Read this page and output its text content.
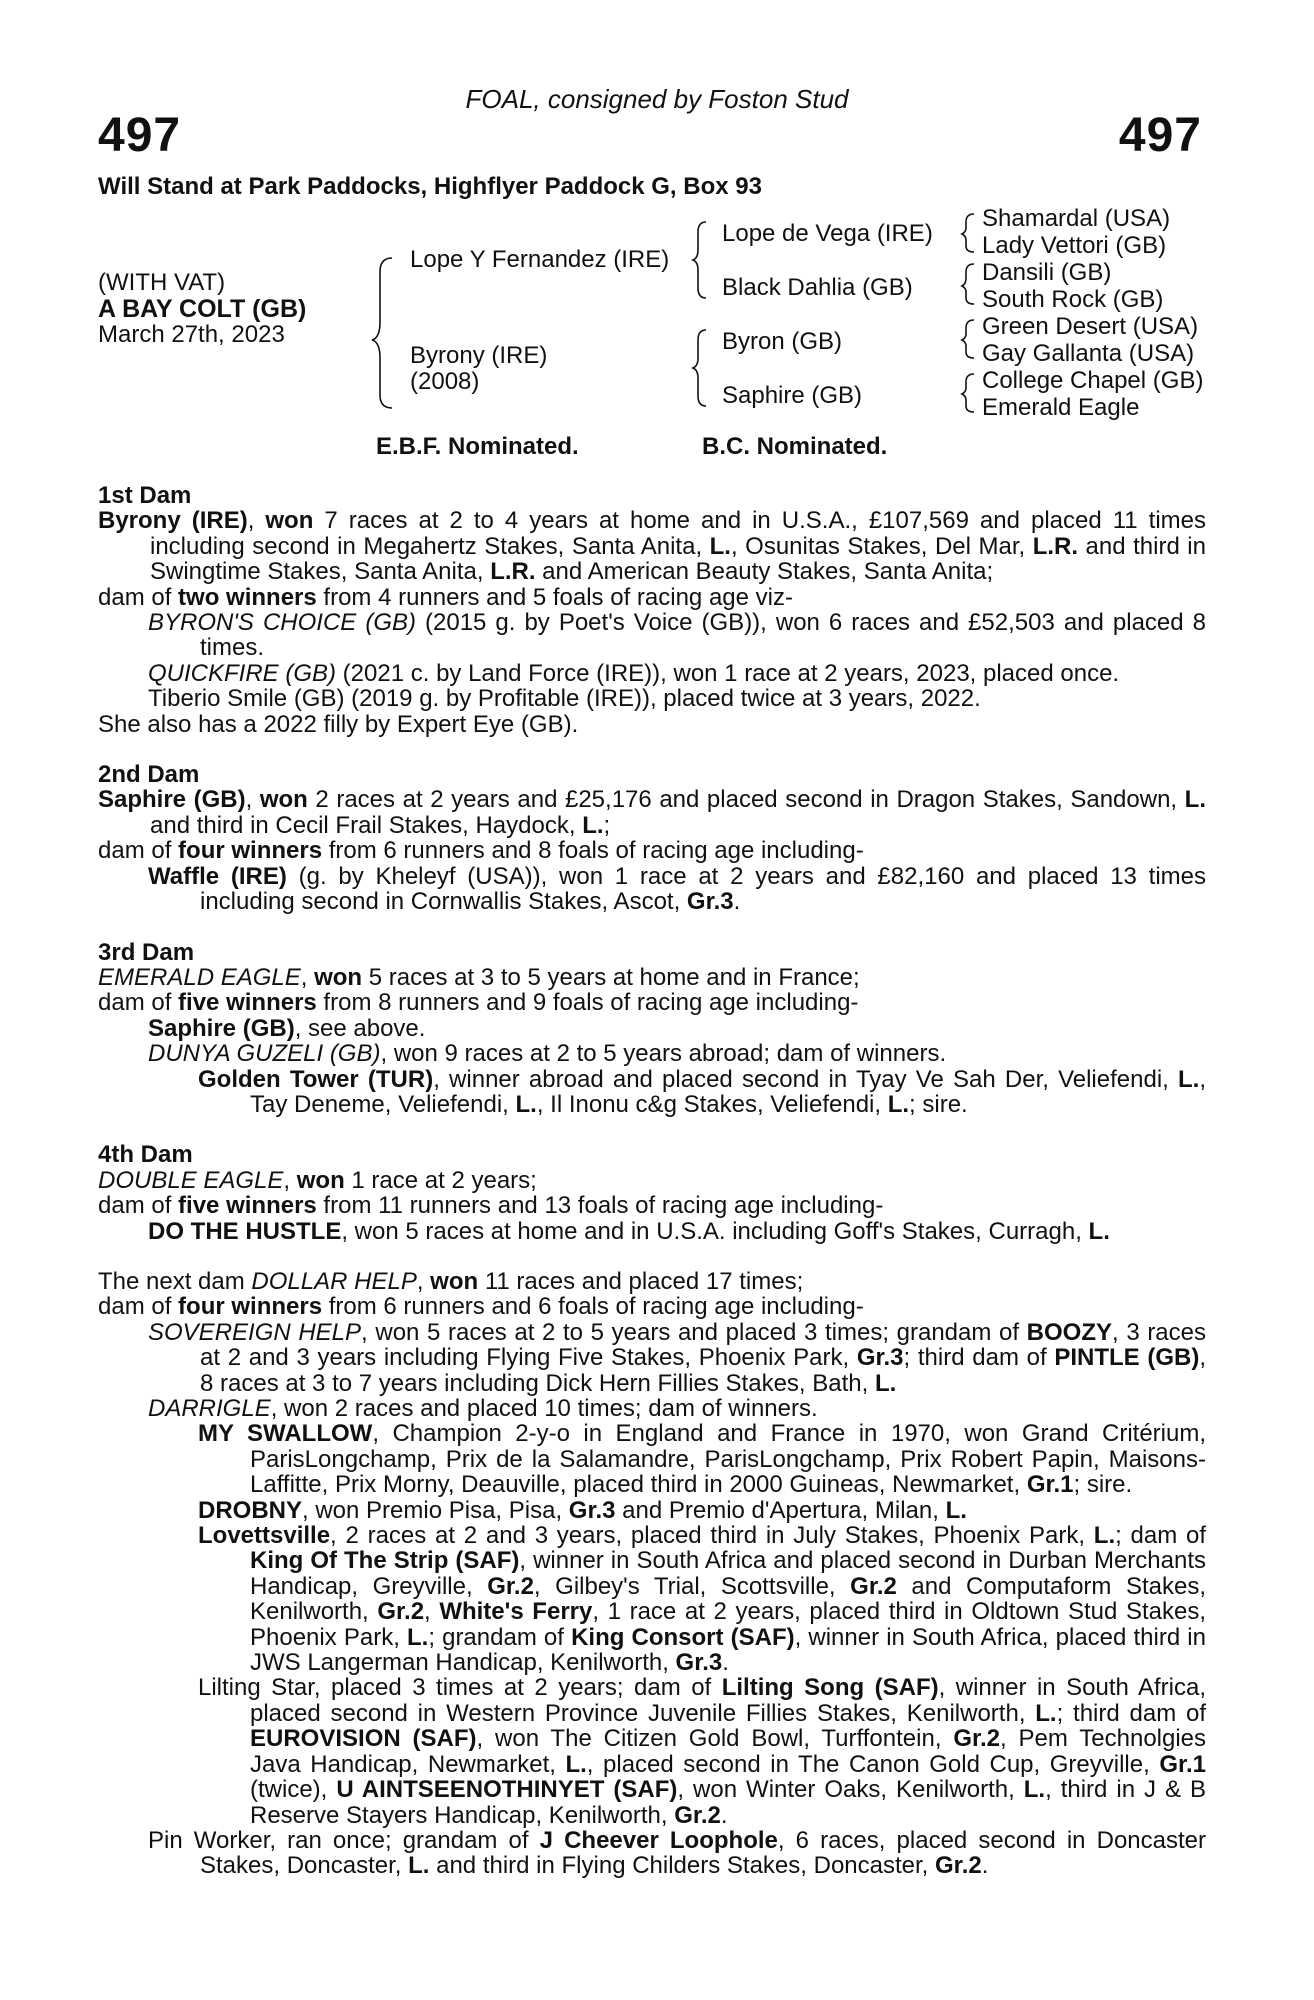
FOAL, consigned by Foston Stud
497	497
Will Stand at Park Paddocks, Highflyer Paddock G, Box 93
(WITH VAT)
A BAY COLT (GB)
March 27th, 2023
Lope Y Fernandez (IRE)
Byrony (IRE)
(2008)
Lope de Vega (IRE)
Black Dahlia (GB)
Byron (GB)
Saphire (GB)
Shamardal (USA)
Lady Vettori (GB)
Dansili (GB)
South Rock (GB)
Green Desert (USA)
Gay Gallanta (USA)
College Chapel (GB)
Emerald Eagle
E.B.F. Nominated.	B.C. Nominated.

1st Dam

Byrony (IRE), won 7 races at 2 to 4 years at home and in U.S.A., £107,569 and placed 11 times including second in Megahertz Stakes, Santa Anita, L., Osunitas Stakes, Del Mar, L.R. and third in Swingtime Stakes, Santa Anita, L.R. and American Beauty Stakes, Santa Anita;

dam of two winners from 4 runners and 5 foals of racing age viz-

BYRON'S CHOICE (GB) (2015 g. by Poet's Voice (GB)), won 6 races and £52,503 and placed 8 times.

QUICKFIRE (GB) (2021 c. by Land Force (IRE)), won 1 race at 2 years, 2023, placed once.

Tiberio Smile (GB) (2019 g. by Profitable (IRE)), placed twice at 3 years, 2022.

She also has a 2022 filly by Expert Eye (GB).

2nd Dam

Saphire (GB), won 2 races at 2 years and £25,176 and placed second in Dragon Stakes, Sandown, L. and third in Cecil Frail Stakes, Haydock, L.;

dam of four winners from 6 runners and 8 foals of racing age including-

Waffle (IRE) (g. by Kheleyf (USA)), won 1 race at 2 years and £82,160 and placed 13 times including second in Cornwallis Stakes, Ascot, Gr.3.

3rd Dam

EMERALD EAGLE, won 5 races at 3 to 5 years at home and in France;

dam of five winners from 8 runners and 9 foals of racing age including-

Saphire (GB), see above.

DUNYA GUZELI (GB), won 9 races at 2 to 5 years abroad; dam of winners.

Golden Tower (TUR), winner abroad and placed second in Tyay Ve Sah Der, Veliefendi, L., Tay Deneme, Veliefendi, L., Il Inonu c&g Stakes, Veliefendi, L.; sire.

4th Dam

DOUBLE EAGLE, won 1 race at 2 years;

dam of five winners from 11 runners and 13 foals of racing age including-

DO THE HUSTLE, won 5 races at home and in U.S.A. including Goff's Stakes, Curragh, L.

The next dam DOLLAR HELP, won 11 races and placed 17 times;

dam of four winners from 6 runners and 6 foals of racing age including-

SOVEREIGN HELP, won 5 races at 2 to 5 years and placed 3 times; grandam of BOOZY, 3 races at 2 and 3 years including Flying Five Stakes, Phoenix Park, Gr.3; third dam of PINTLE (GB), 8 races at 3 to 7 years including Dick Hern Fillies Stakes, Bath, L.

DARRIGLE, won 2 races and placed 10 times; dam of winners.

MY SWALLOW, Champion 2-y-o in England and France in 1970, won Grand Critérium, ParisLongchamp, Prix de la Salamandre, ParisLongchamp, Prix Robert Papin, Maisons-Laffitte, Prix Morny, Deauville, placed third in 2000 Guineas, Newmarket, Gr.1; sire.

DROBNY, won Premio Pisa, Pisa, Gr.3 and Premio d'Apertura, Milan, L.

Lovettsville, 2 races at 2 and 3 years, placed third in July Stakes, Phoenix Park, L.; dam of King Of The Strip (SAF), winner in South Africa and placed second in Durban Merchants Handicap, Greyville, Gr.2, Gilbey's Trial, Scottsville, Gr.2 and Computaform Stakes, Kenilworth, Gr.2, White's Ferry, 1 race at 2 years, placed third in Oldtown Stud Stakes, Phoenix Park, L.; grandam of King Consort (SAF), winner in South Africa, placed third in JWS Langerman Handicap, Kenilworth, Gr.3.

Lilting Star, placed 3 times at 2 years; dam of Lilting Song (SAF), winner in South Africa, placed second in Western Province Juvenile Fillies Stakes, Kenilworth, L.; third dam of EUROVISION (SAF), won The Citizen Gold Bowl, Turffontein, Gr.2, Pem Technolgies Java Handicap, Newmarket, L., placed second in The Canon Gold Cup, Greyville, Gr.1 (twice), U AINTSEENOTHINYET (SAF), won Winter Oaks, Kenilworth, L., third in J & B Reserve Stayers Handicap, Kenilworth, Gr.2.

Pin Worker, ran once; grandam of J Cheever Loophole, 6 races, placed second in Doncaster Stakes, Doncaster, L. and third in Flying Childers Stakes, Doncaster, Gr.2.
